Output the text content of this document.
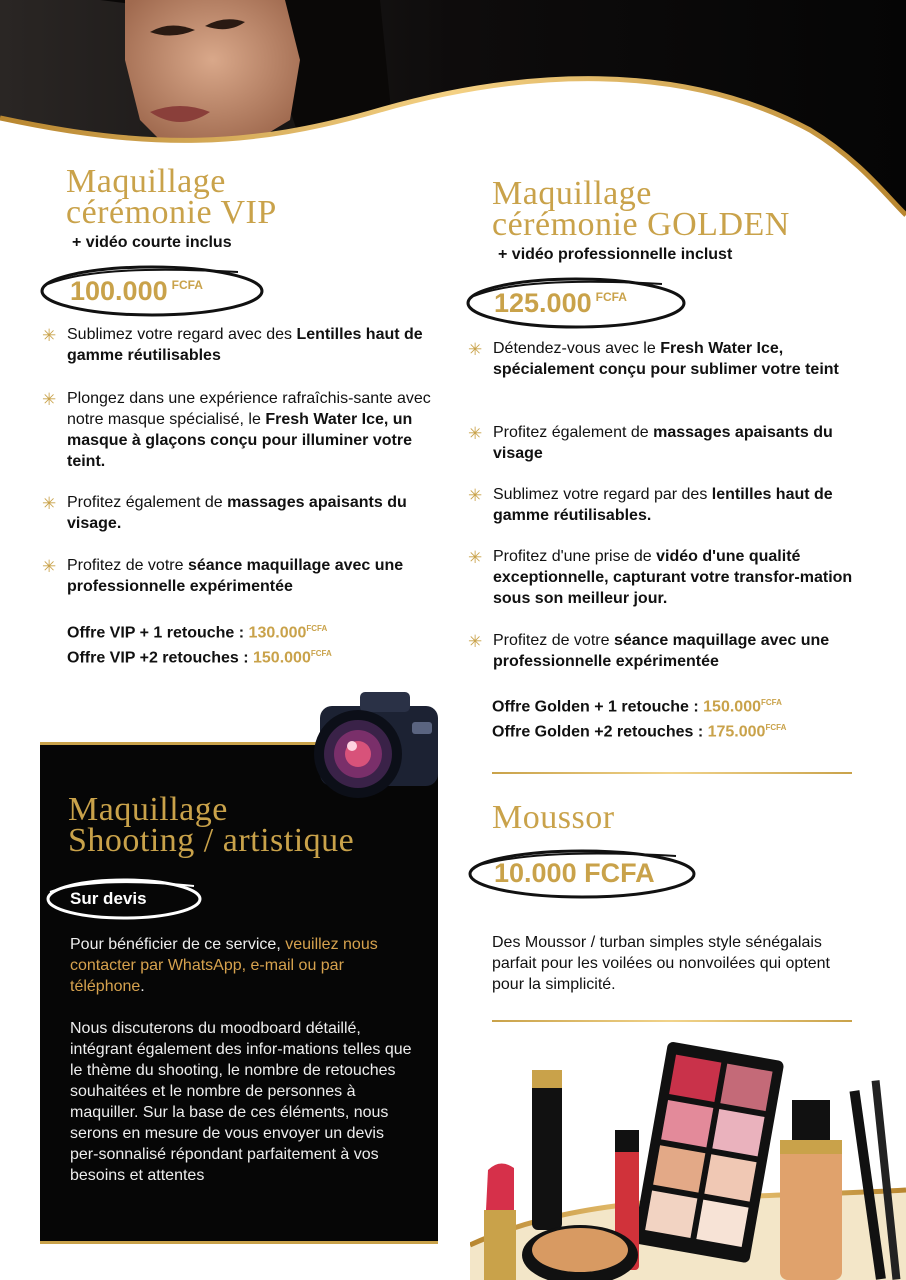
Maquillage
cérémonie VIP
+ vidéo courte inclus
100.000 $^{FCFA}$
✳ Sublimez votre regard avec des Lentilles haut de gamme réutilisables
✳ Plongez dans une expérience rafraîchis-sante avec notre masque spécialisé, le Fresh Water Ice, un masque à glaçons conçu pour illuminer votre teint.
✳ Profitez également de massages apaisants du visage.
✳ Profitez de votre séance maquillage avec une professionnelle expérimentée
Offre VIP + 1 retouche : $130.000^{FCFA}$
Offre VIP +2 retouches : $150.000^{FCFA}$
Maquillage
cérémonie GOLDEN
+ vidéo professionnelle inclust
125.000 $^{FCFA}$
✳ Détendez-vous avec le Fresh Water Ice, spécialement conçu pour sublimer votre teint
✳ Profitez également de massages apaisants du visage
✳ Sublimez votre regard par des lentilles haut de gamme réutilisables.
✳ Profitez d'une prise de vidéo d'une qualité exceptionnelle, capturant votre transfor-mation sous son meilleur jour.
✳ Profitez de votre séance maquillage avec une professionnelle expérimentée
Offre Golden + 1 retouche : $150.000^{FCFA}$
Offre Golden +2 retouches : $175.000^{FCFA}$
Moussor
10.000 FCFA
Des Moussor / turban simples style sénégalais parfait pour les voilées ou nonvoilées qui optent pour la simplicité.
Maquillage
Shooting / artistique
Sur devis
Pour bénéficier de ce service, veuillez nous contacter par WhatsApp, e-mail ou par téléphone.
Nous discuterons du moodboard détaillé, intégrant également des infor-mations telles que le thème du shooting, le nombre de retouches souhaitées et le nombre de personnes à maquiller. Sur la base de ces éléments, nous serons en mesure de vous envoyer un devis per-sonnalisé répondant parfaitement à vos besoins et attentes
